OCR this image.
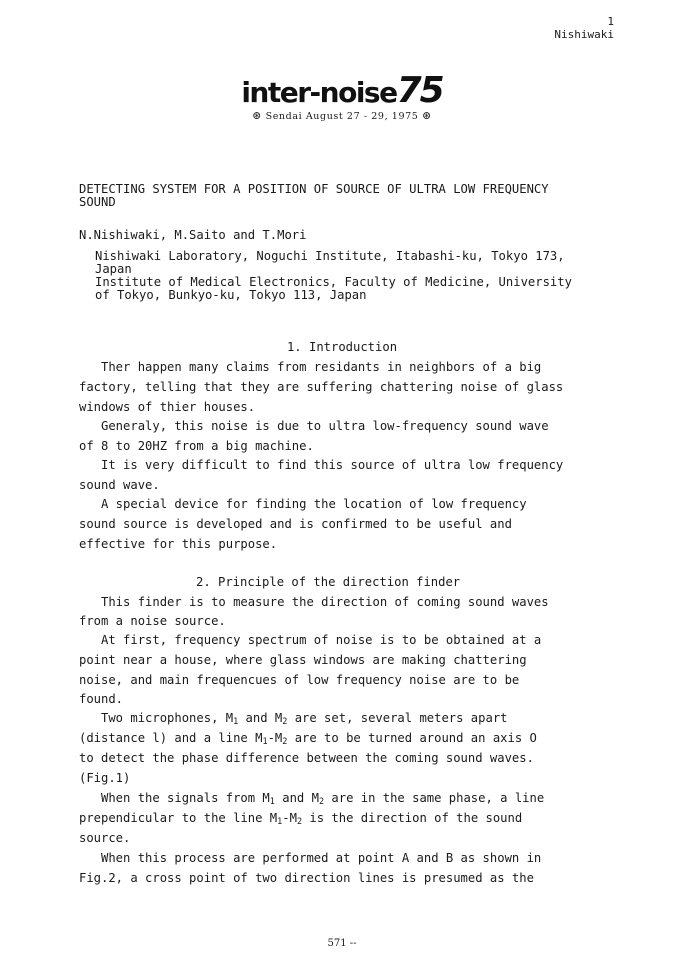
1
Nishiwaki
inter-noise75
⊛ Sendai August 27 - 29, 1975 ⊛
DETECTING SYSTEM FOR A POSITION OF SOURCE OF ULTRA LOW FREQUENCY
SOUND
N.Nishiwaki, M.Saito and T.Mori
Nishiwaki Laboratory, Noguchi Institute, Itabashi-ku, Tokyo 173,
Japan
Institute of Medical Electronics, Faculty of Medicine, University
of Tokyo, Bunkyo-ku, Tokyo 113, Japan
1. Introduction
Ther happen many claims from residants in neighbors of a big
factory, telling that they are suffering chattering noise of glass
windows of thier houses.
Generaly, this noise is due to ultra low-frequency sound wave
of 8 to 20HZ from a big machine.
It is very difficult to find this source of ultra low frequency
sound wave.
A special device for finding the location of low frequency
sound source is developed and is confirmed to be useful and
effective for this purpose.
2. Principle of the direction finder
This finder is to measure the direction of coming sound waves
from a noise source.
At first, frequency spectrum of noise is to be obtained at a
point near a house, where glass windows are making chattering
noise, and main frequencues of low frequency noise are to be
found.
Two microphones, $M_1$ and $M_2$ are set, several meters apart
(distance l) and a line $M_1-M_2$ are to be turned around an axis O
to detect the phase difference between the coming sound waves.
(Fig.1)
When the signals from $M_1$ and $M_2$ are in the same phase, a line
prependicular to the line $M_1-M_2$ is the direction of the sound
source.
When this process are performed at point A and B as shown in
Fig.2, a cross point of two direction lines is presumed as the
571 --
